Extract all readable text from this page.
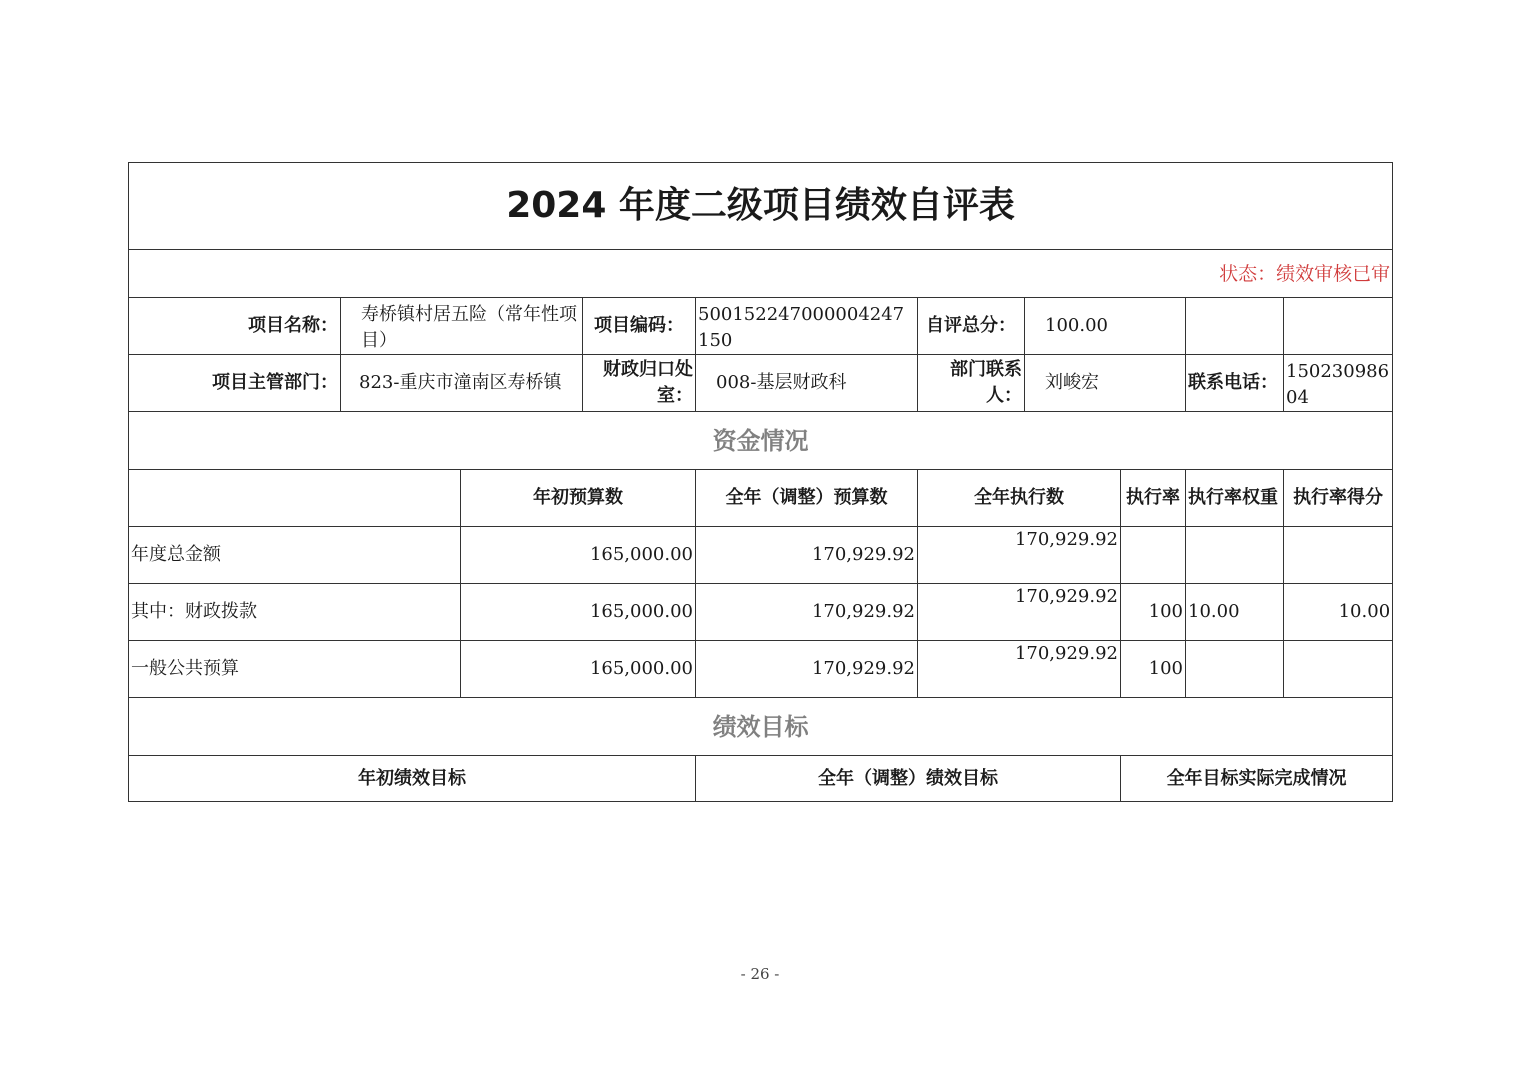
2024 年度二级项目绩效自评表									
状态：绩效审核已审									
项目名称：	寿桥镇村居五险（常年性项目）		项目编码：	500152247000004247150	自评总分：	100.00			
项目主管部门：	823-重庆市潼南区寿桥镇		财政归口处室：	008-基层财政科	部门联系人：	刘峻宏		联系电话：	15023098604
资金情况									
		年初预算数		全年（调整）预算数	全年执行数		执行率	执行率权重	执行率得分
年度总金额		165,000.00		170,929.92	170,929.92				
其中：财政拨款		165,000.00		170,929.92	170,929.92		100	10.00	10.00
一般公共预算		165,000.00		170,929.92	170,929.92		100		
绩效目标									
年初绩效目标				全年（调整）绩效目标			全年目标实际完成情况		
- 26 -
